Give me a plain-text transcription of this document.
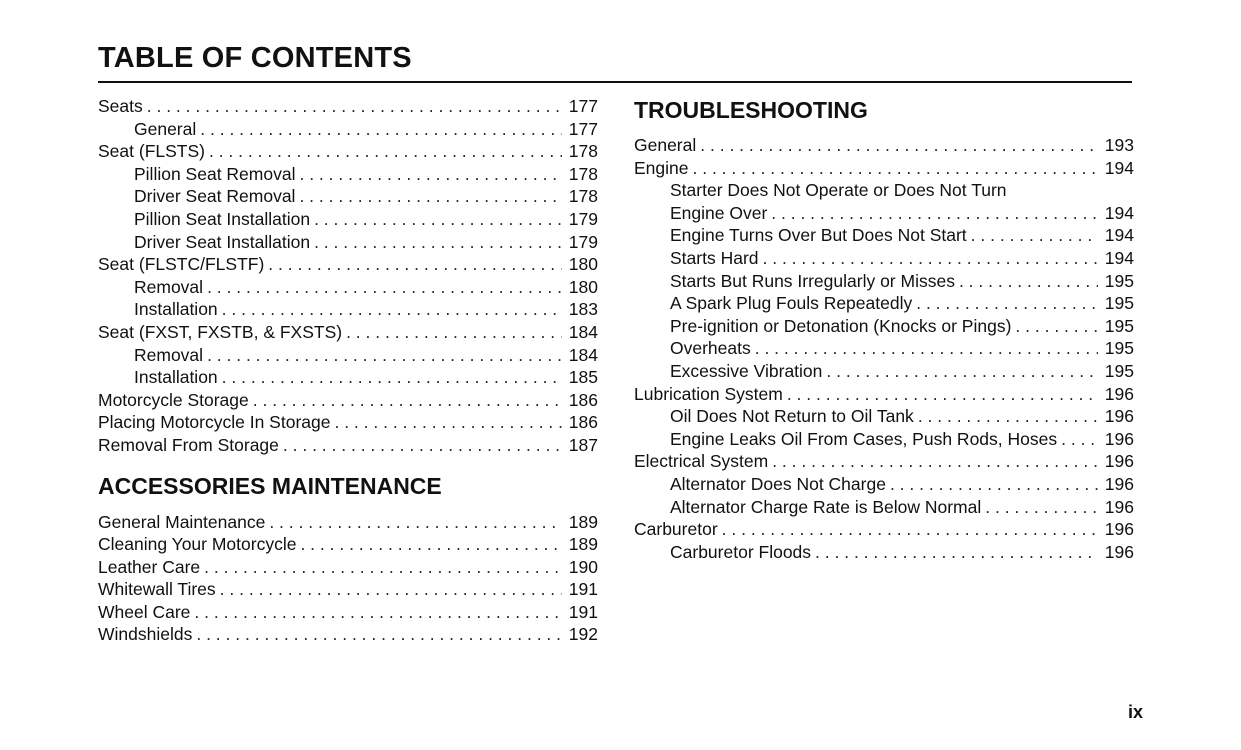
TABLE OF CONTENTS
Seats . . .	177
General . . .	177
Seat (FLSTS) . . .	178
Pillion Seat Removal . . .	178
Driver Seat Removal . . .	178
Pillion Seat Installation . . .	179
Driver Seat Installation . . .	179
Seat (FLSTC/FLSTF) . . .	180
Removal . . .	180
Installation . . .	183
Seat (FXST, FXSTB, & FXSTS) . . .	184
Removal . . .	184
Installation . . .	185
Motorcycle Storage . . .	186
Placing Motorcycle In Storage . . .	186
Removal From Storage . . .	187
ACCESSORIES MAINTENANCE
General Maintenance . . .	189
Cleaning Your Motorcycle . . .	189
Leather Care . . .	190
Whitewall Tires . . .	191
Wheel Care . . .	191
Windshields . . .	192
TROUBLESHOOTING
General . . .	193
Engine . . .	194
Starter Does Not Operate or Does Not Turn
Engine Over . . .	194
Engine Turns Over But Does Not Start . . .	194
Starts Hard . . .	194
Starts But Runs Irregularly or Misses . . .	195
A Spark Plug Fouls Repeatedly . . .	195
Pre-ignition or Detonation (Knocks or Pings) . . .	195
Overheats . . .	195
Excessive Vibration . . .	195
Lubrication System . . .	196
Oil Does Not Return to Oil Tank . . .	196
Engine Leaks Oil From Cases, Push Rods, Hoses . . .	196
Electrical System . . .	196
Alternator Does Not Charge . . .	196
Alternator Charge Rate is Below Normal . . .	196
Carburetor . . .	196
Carburetor Floods . . .	196
ix
